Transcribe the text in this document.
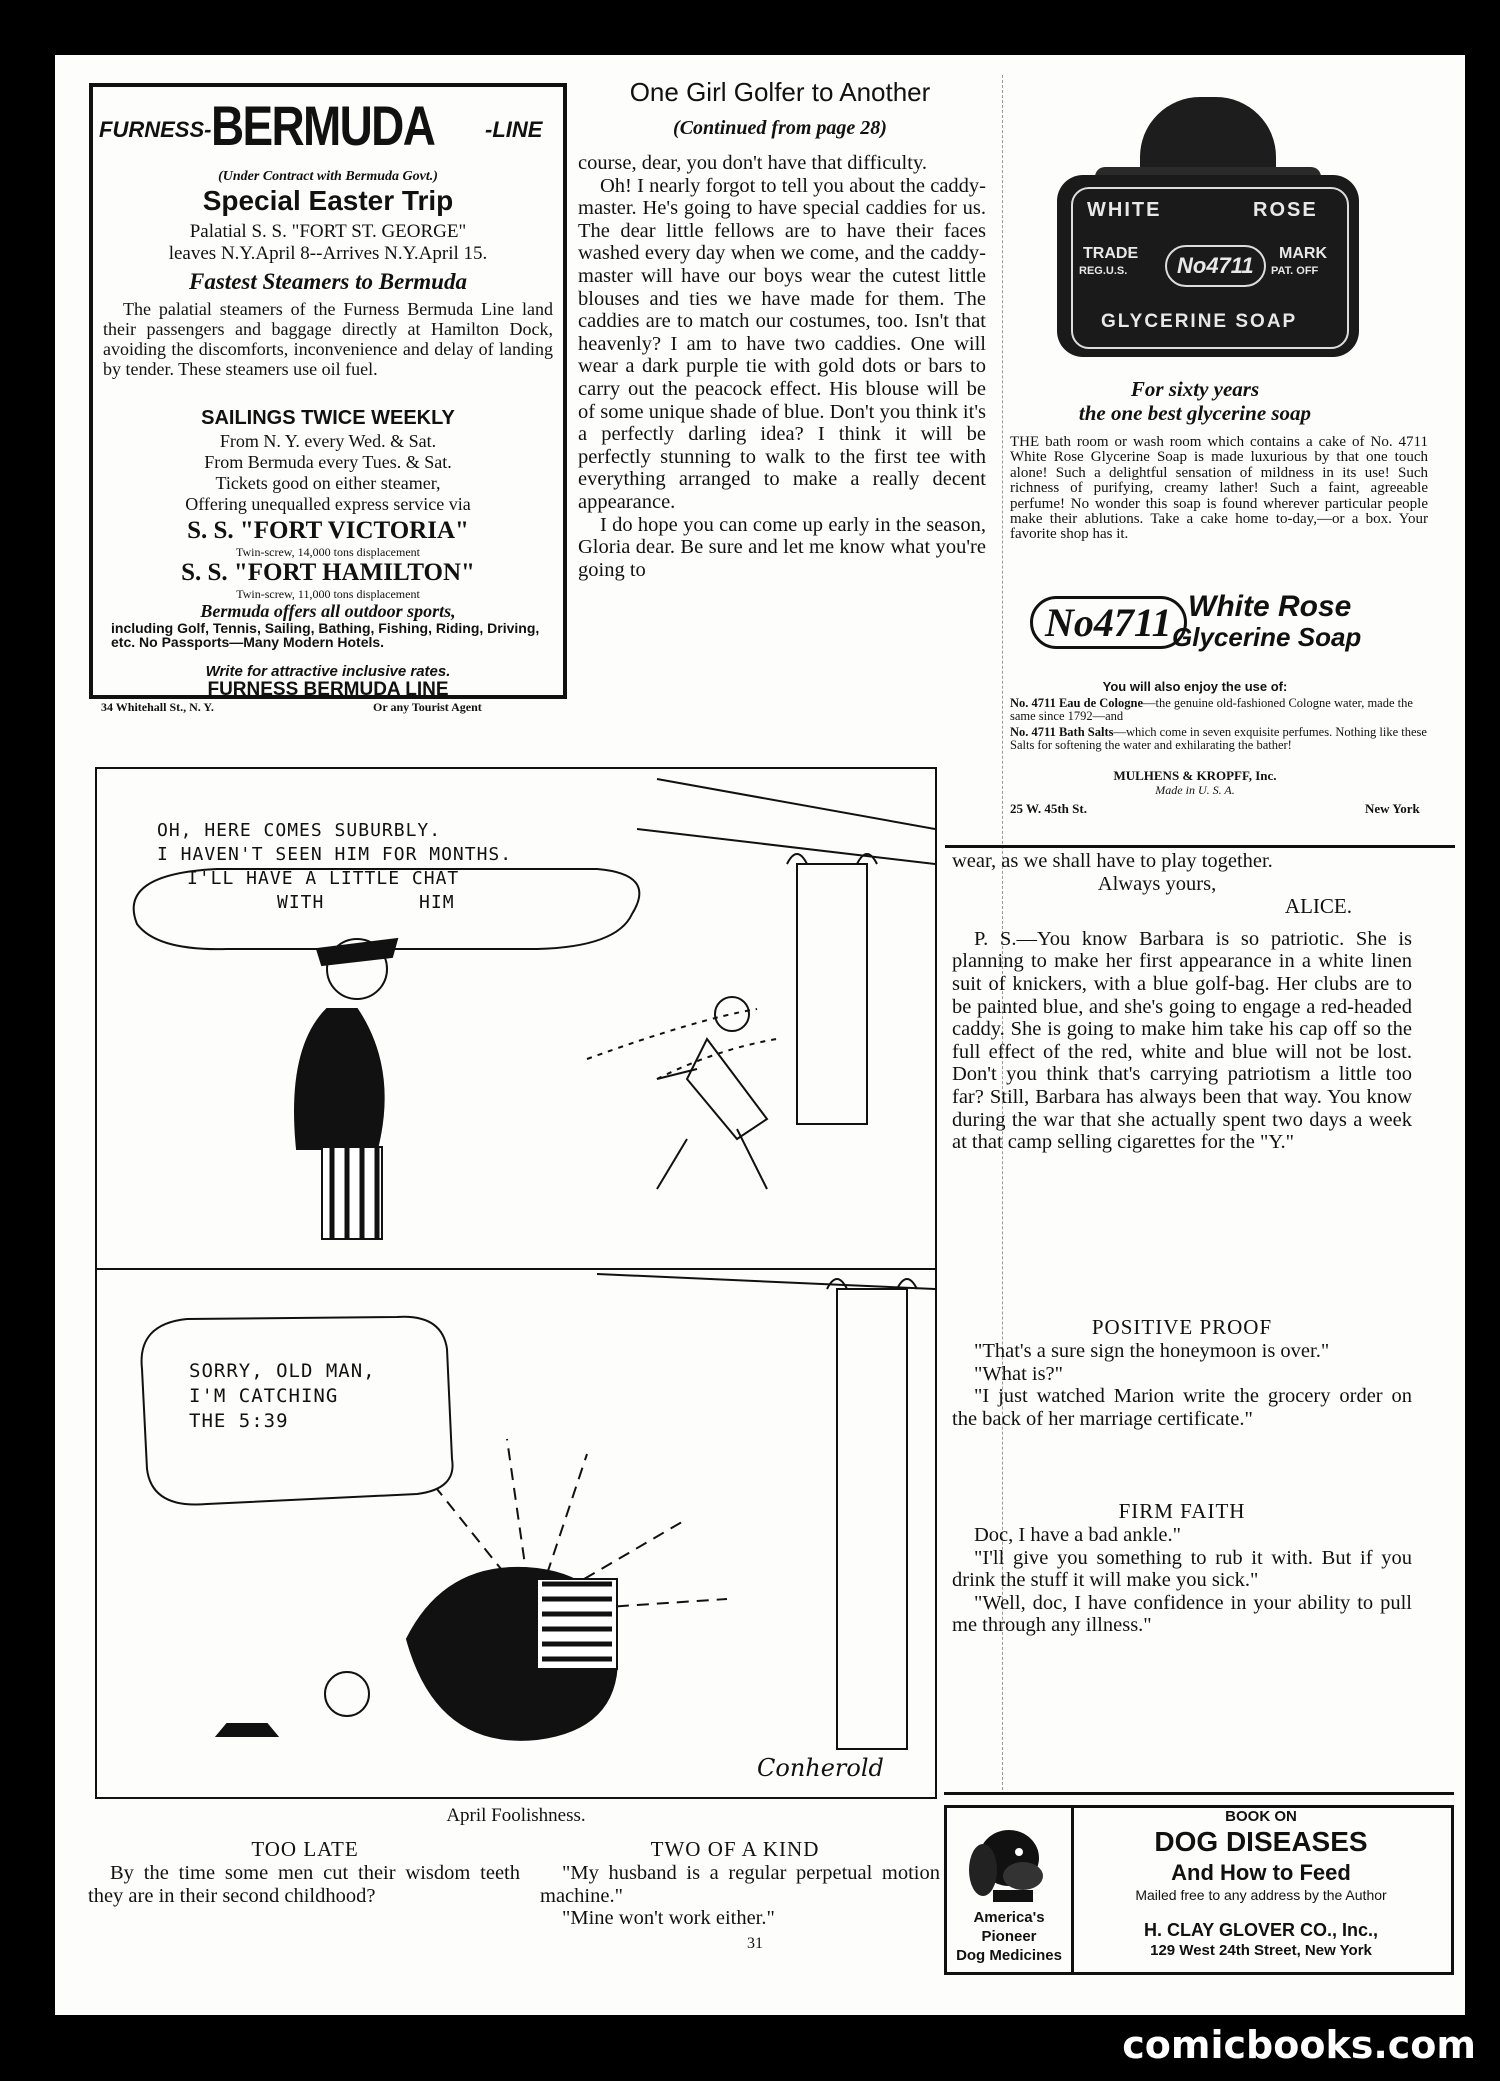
FURNESS- BERMUDA -LINE
(Under Contract with Bermuda Govt.)
Special Easter Trip
Palatial S. S. "FORT ST. GEORGE"
leaves N.Y.April 8--Arrives N.Y.April 15.
Fastest Steamers to Bermuda
The palatial steamers of the Furness Bermuda Line land their passengers and baggage directly at Hamilton Dock, avoiding the discomforts, inconvenience and delay of landing by tender. These steamers use oil fuel.
SAILINGS TWICE WEEKLY
From N. Y. every Wed. & Sat.
From Bermuda every Tues. & Sat.
Tickets good on either steamer,
Offering unequalled express service via
S. S. "FORT VICTORIA"
Twin-screw, 14,000 tons displacement
S. S. "FORT HAMILTON"
Twin-screw, 11,000 tons displacement
Bermuda offers all outdoor sports,
including Golf, Tennis, Sailing, Bathing, Fishing, Riding, Driving, etc. No Passports—Many Modern Hotels.
Write for attractive inclusive rates.
FURNESS BERMUDA LINE
34 Whitehall St., N. Y.	Or any Tourist Agent
One Girl Golfer to Another
(Continued from page 28)

course, dear, you don't have that difficulty.

Oh! I nearly forgot to tell you about the caddy-master. He's going to have special caddies for us. The dear little fellows are to have their faces washed every day when we come, and the caddy-master will have our boys wear the cutest little blouses and ties we have made for them. The caddies are to match our costumes, too. Isn't that heavenly? I am to have two caddies. One will wear a dark purple tie with gold dots or bars to carry out the peacock effect. His blouse will be of some unique shade of blue. Don't you think it's a perfectly darling idea? I think it will be perfectly stunning to walk to the first tee with everything arranged to make a really decent appearance.

I do hope you can come up early in the season, Gloria dear. Be sure and let me know what you're going to

WHITE	ROSE
TRADE
REG.U.S.	No4711	MARK
PAT. OFF
GLYCERINE SOAP
For sixty years
the one best glycerine soap
THE bath room or wash room which contains a cake of No. 4711 White Rose Glycerine Soap is made luxurious by that one touch alone! Such a delightful sensation of mildness in its use! Such richness of purifying, creamy lather! Such a faint, agreeable perfume! No wonder this soap is found wherever particular people make their ablutions. Take a cake home to-day,—or a box. Your favorite shop has it.
No4711 White Rose
Glycerine Soap
You will also enjoy the use of:
No. 4711 Eau de Cologne—the genuine old-fashioned Cologne water, made the same since 1792—and
No. 4711 Bath Salts—which come in seven exquisite perfumes. Nothing like these Salts for softening the water and exhilarating the bather!
MULHENS & KROPFF, Inc.
Made in U. S. A.
25 W. 45th St.	New York

wear, as we shall have to play together.

Always yours,

ALICE.

P. S.—You know Barbara is so patriotic. She is planning to make her first appearance in a white linen suit of knickers, with a blue golf-bag. Her clubs are to be painted blue, and she's going to engage a red-headed caddy. She is going to make him take his cap off so the full effect of the red, white and blue will not be lost. Don't you think that's carrying patriotism a little too far? Still, Barbara has always been that way. You know during the war that she actually spent two days a week at that camp selling cigarettes for the "Y."

OH, HERE COMES SUBURBLY.
I HAVEN'T SEEN HIM FOR MONTHS.
I'LL HAVE A LITTLE CHAT
WITH        HIM
SORRY, OLD MAN,
I'M CATCHING
THE 5:39
Conherold
April Foolishness.
TOO LATE
By the time some men cut their wisdom teeth they are in their second childhood?
TWO OF A KIND

"My husband is a regular perpetual motion machine."

"Mine won't work either."

POSITIVE PROOF

"That's a sure sign the honeymoon is over."

"What is?"

"I just watched Marion write the grocery order on the back of her marriage certificate."

FIRM FAITH

Doc, I have a bad ankle."

"I'll give you something to rub it with. But if you drink the stuff it will make you sick."

"Well, doc, I have confidence in your ability to pull me through any illness."

America's
Pioneer
Dog Medicines
BOOK ON
DOG DISEASES
And How to Feed
Mailed free to any address by the Author
H. CLAY GLOVER CO., Inc.,
129 West 24th Street, New York
31
comicbooks.com
